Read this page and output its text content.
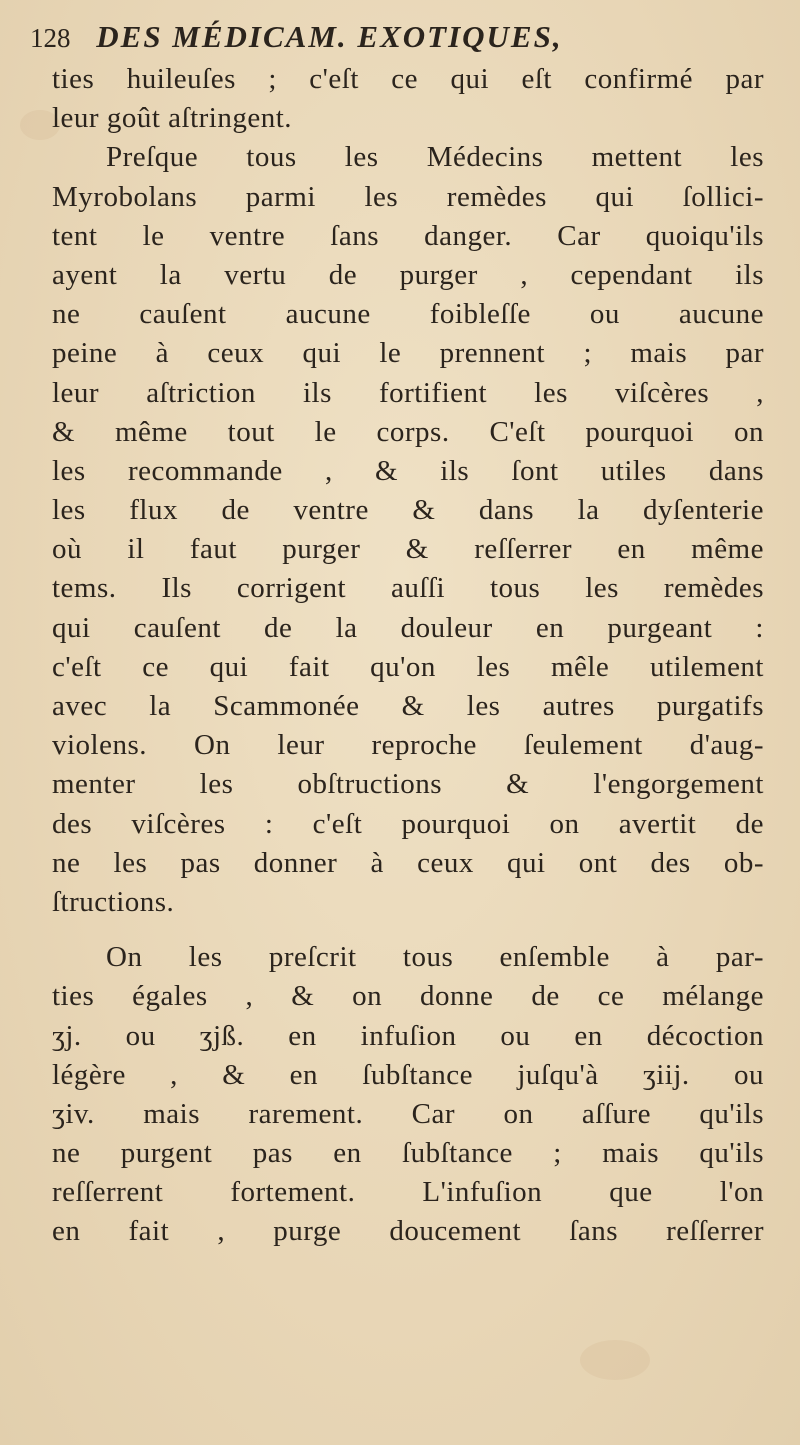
128 DES MÉDICAM. EXOTIQUES,
ties huileuſes ; c'eſt ce qui eſt confirmé par
leur goût aſtringent.
Preſque tous les Médecins mettent les
Myrobolans parmi les remèdes qui ſollici-
tent le ventre ſans danger. Car quoiqu'ils
ayent la vertu de purger , cependant ils
ne cauſent aucune foibleſſe ou aucune
peine à ceux qui le prennent ; mais par
leur aſtriction ils fortifient les viſcères ,
& même tout le corps. C'eſt pourquoi on
les recommande , & ils ſont utiles dans
les flux de ventre & dans la dyſenterie
où il faut purger & reſſerrer en même
tems. Ils corrigent auſſi tous les remèdes
qui cauſent de la douleur en purgeant :
c'eſt ce qui fait qu'on les mêle utilement
avec la Scammonée & les autres purgatifs
violens. On leur reproche ſeulement d'aug-
menter les obſtructions & l'engorgement
des viſcères : c'eſt pourquoi on avertit de
ne les pas donner à ceux qui ont des ob-
ſtructions.
On les preſcrit tous enſemble à par-
ties égales , & on donne de ce mélange
ʒj. ou ʒjß. en infuſion ou en décoction
légère , & en ſubſtance juſqu'à ʒiij. ou
ʒiv. mais rarement. Car on aſſure qu'ils
ne purgent pas en ſubſtance ; mais qu'ils
reſſerrent fortement. L'infuſion que l'on
en fait , purge doucement ſans reſſerrer
